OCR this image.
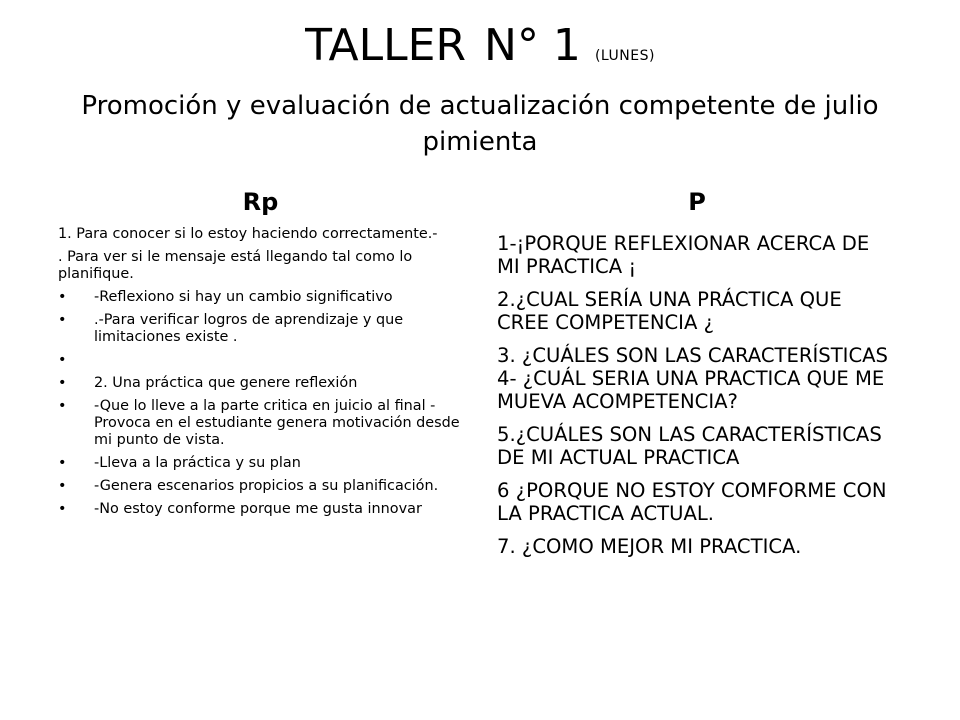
TALLER N° 1 (LUNES)
Promoción y evaluación de actualización competente de julio pimienta
Rp

1. Para conocer si lo estoy haciendo correctamente.-

. Para ver si le mensaje está llegando tal como lo planifique.

• -Reflexiono si hay un cambio significativo
• .-Para verificar logros de aprendizaje y que limitaciones existe .
•
• 2. Una práctica que genere reflexión
• -Que lo lleve a la parte critica en juicio al final -Provoca en el estudiante genera motivación desde mi punto de vista.
• -Lleva a la práctica y su plan
• -Genera escenarios propicios a su planificación.
• -No estoy conforme porque me gusta innovar
P

1-¡PORQUE REFLEXIONAR ACERCA DE MI PRACTICA ¡

2.¿CUAL SERÍA UNA PRÁCTICA QUE CREE COMPETENCIA ¿

3. ¿CUÁLES SON LAS CARACTERÍSTICAS 4- ¿CUÁL SERIA UNA PRACTICA QUE ME MUEVA ACOMPETENCIA?

5.¿CUÁLES SON LAS CARACTERÍSTICAS DE MI ACTUAL PRACTICA

6 ¿PORQUE NO ESTOY COMFORME CON LA PRACTICA ACTUAL.

7. ¿COMO MEJOR MI PRACTICA.
